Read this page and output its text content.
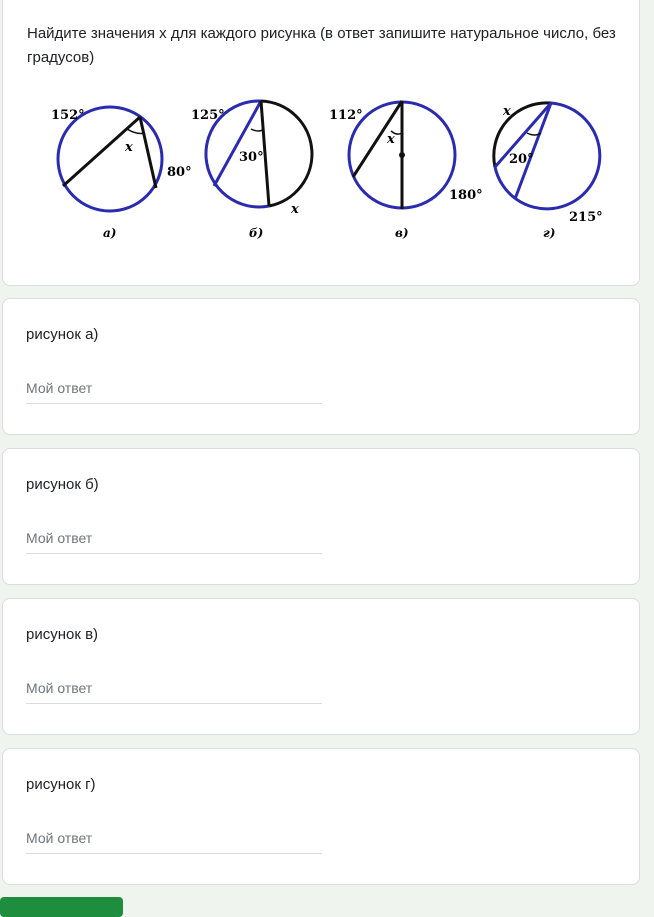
Найдите значения х для каждого рисунка (в ответ запишите натуральное число, без градусов)
152°
x
80°
а)
125°
30°
x
б)
112°
x
180°
в)
x
20°
215°
г)
рисунок а)
Мой ответ
рисунок б)
Мой ответ
рисунок в)
Мой ответ
рисунок г)
Мой ответ
